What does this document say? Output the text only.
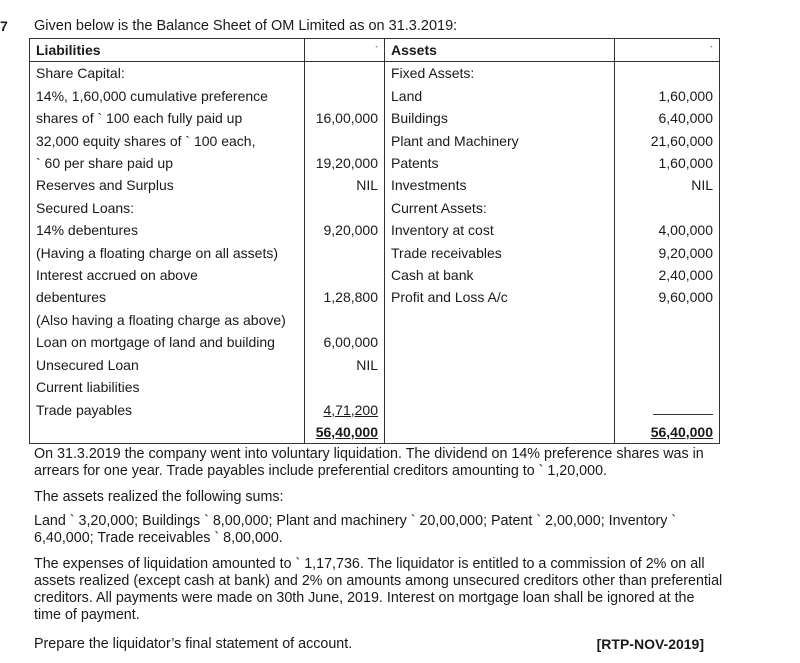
7 Given below is the Balance Sheet of OM Limited as on 31.3.2019:
Liabilities	`	Assets	`
Share Capital:		Fixed Assets:	
14%, 1,60,000 cumulative preference		Land	1,60,000
shares of ` 100 each fully paid up	16,00,000	Buildings	6,40,000
32,000 equity shares of ` 100 each,		Plant and Machinery	21,60,000
` 60 per share paid up	19,20,000	Patents	1,60,000
Reserves and Surplus	NIL	Investments	NIL
Secured Loans:		Current Assets:	
14% debentures	9,20,000	Inventory at cost	4,00,000
(Having a floating charge on all assets)		Trade receivables	9,20,000
Interest accrued on above		Cash at bank	2,40,000
debentures	1,28,800	Profit and Loss A/c	9,60,000
(Also having a floating charge as above)			
Loan on mortgage of land and building	6,00,000		
Unsecured Loan	NIL		
Current liabilities			
Trade payables	4,71,200		
	56,40,000		56,40,000
On 31.3.2019 the company went into voluntary liquidation. The dividend on 14% preference shares was in arrears for one year. Trade payables include preferential creditors amounting to ` 1,20,000.
The assets realized the following sums:
Land ` 3,20,000; Buildings ` 8,00,000; Plant and machinery ` 20,00,000; Patent ` 2,00,000; Inventory ` 6,40,000; Trade receivables ` 8,00,000.
The expenses of liquidation amounted to ` 1,17,736. The liquidator is entitled to a commission of 2% on all assets realized (except cash at bank) and 2% on amounts among unsecured creditors other than preferential creditors. All payments were made on 30th June, 2019. Interest on mortgage loan shall be ignored at the time of payment.
Prepare the liquidator’s final statement of account.	[RTP-NOV-2019]
